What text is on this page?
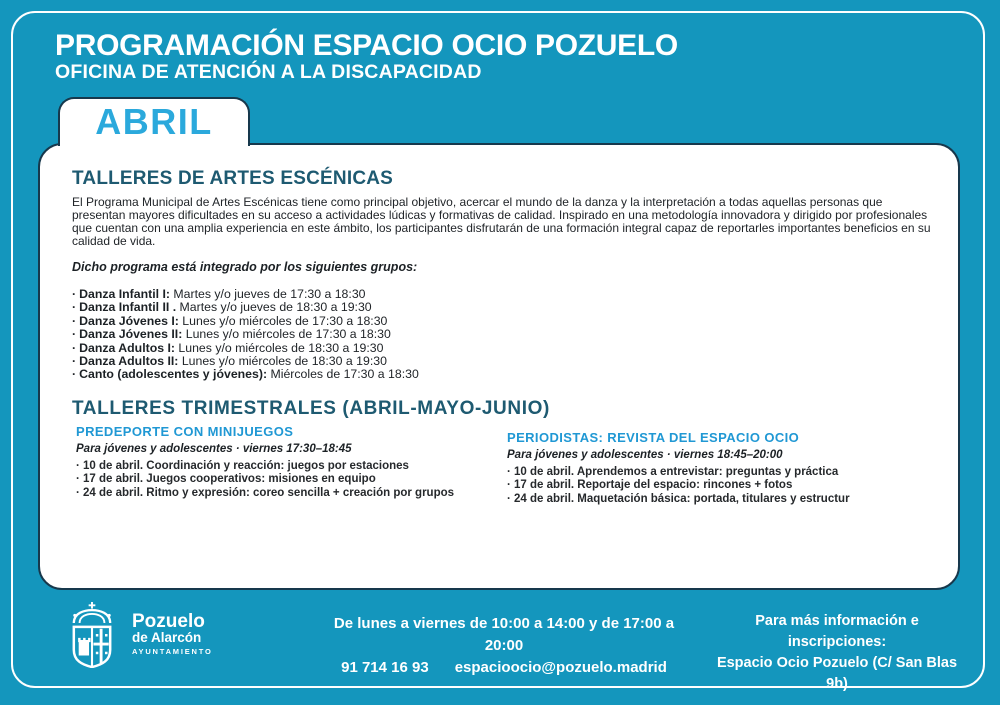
PROGRAMACIÓN ESPACIO OCIO POZUELO
OFICINA DE ATENCIÓN A LA DISCAPACIDAD
TALLERES DE ARTES ESCÉNICAS
El Programa Municipal de Artes Escénicas tiene como principal objetivo, acercar el mundo de la danza y la interpretación a todas aquellas personas que presentan mayores dificultades en su acceso a actividades lúdicas y formativas de calidad. Inspirado en una metodología innovadora y dirigido por profesionales que cuentan con una amplia experiencia en este ámbito, los participantes disfrutarán de una formación integral capaz de reportarles importantes beneficios en su calidad de vida.
Dicho programa está integrado por los siguientes grupos:
· Danza Infantil I: Martes y/o jueves de 17:30 a 18:30
· Danza Infantil II . Martes y/o jueves de 18:30 a 19:30
· Danza Jóvenes I: Lunes y/o miércoles de 17:30 a 18:30
· Danza Jóvenes II: Lunes y/o miércoles de 17:30 a 18:30
· Danza Adultos I: Lunes y/o miércoles de 18:30 a 19:30
· Danza Adultos II: Lunes y/o miércoles de 18:30 a 19:30
· Canto (adolescentes y jóvenes): Miércoles de 17:30 a 18:30
TALLERES TRIMESTRALES (ABRIL-MAYO-JUNIO)
PREDEPORTE CON MINIJUEGOS
Para jóvenes y adolescentes · viernes 17:30–18:45
· 10 de abril. Coordinación y reacción: juegos por estaciones
· 17 de abril. Juegos cooperativos: misiones en equipo
· 24 de abril. Ritmo y expresión: coreo sencilla + creación por grupos
PERIODISTAS: REVISTA DEL ESPACIO OCIO
Para jóvenes y adolescentes · viernes 18:45–20:00
· 10 de abril. Aprendemos a entrevistar: preguntas y práctica
· 17 de abril. Reportaje del espacio: rincones + fotos
· 24 de abril. Maquetación básica: portada, titulares y estructur
ABRIL
Pozuelo
de Alarcón
AYUNTAMIENTO
De lunes a viernes de 10:00 a 14:00 y de 17:00 a 20:00
91 714 16 93 espacioocio@pozuelo.madrid
Para más información e inscripciones:
Espacio Ocio Pozuelo (C/ San Blas 9b)
